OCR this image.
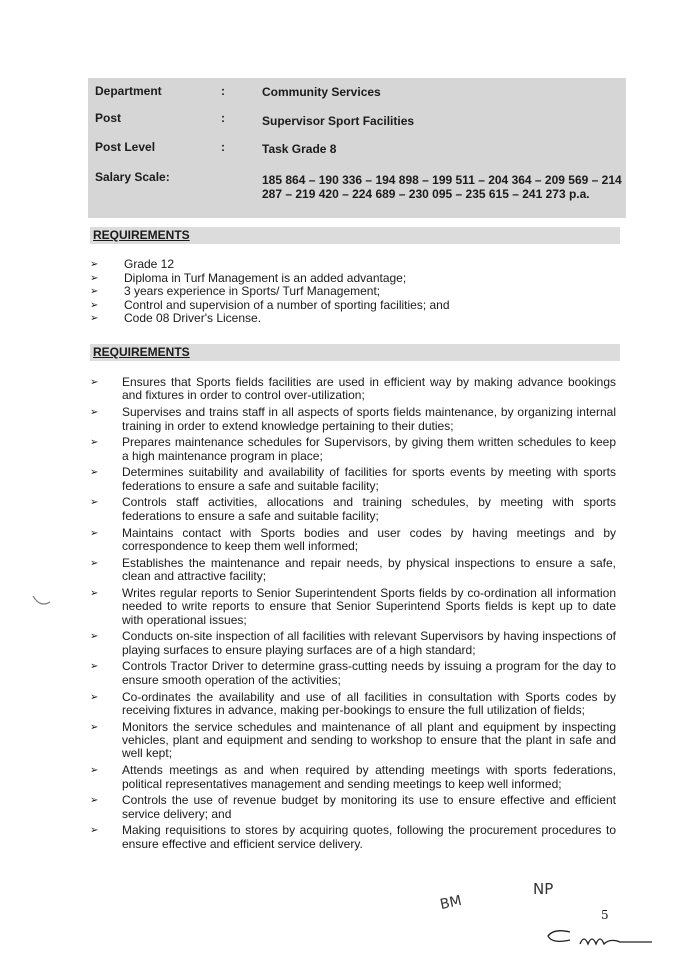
Department	:	Community Services
Post	:	Supervisor Sport Facilities
Post Level	:	Task Grade 8
Salary Scale:	185 864 – 190 336 – 194 898 – 199 511 – 204 364 – 209 569 – 214 287 – 219 420 – 224 689 – 230 095 – 235 615 – 241 273 p.a.
REQUIREMENTS
➢	Grade 12
➢	Diploma in Turf Management is an added advantage;
➢	3 years experience in Sports/ Turf Management;
➢	Control and supervision of a number of sporting facilities; and
➢	Code 08 Driver's License.
REQUIREMENTS
➢	Ensures that Sports fields facilities are used in efficient way by making advance bookings and fixtures in order to control over-utilization;
➢	Supervises and trains staff in all aspects of sports fields maintenance, by organizing internal training in order to extend knowledge pertaining to their duties;
➢	Prepares maintenance schedules for Supervisors, by giving them written schedules to keep a high maintenance program in place;
➢	Determines suitability and availability of facilities for sports events by meeting with sports federations to ensure a safe and suitable facility;
➢	Controls staff activities, allocations and training schedules, by meeting with sports federations to ensure a safe and suitable facility;
➢	Maintains contact with Sports bodies and user codes by having meetings and by correspondence to keep them well informed;
➢	Establishes the maintenance and repair needs, by physical inspections to ensure a safe, clean and attractive facility;
➢	Writes regular reports to Senior Superintendent Sports fields by co-ordination all information needed to write reports to ensure that Senior Superintend Sports fields is kept up to date with operational issues;
➢	Conducts on-site inspection of all facilities with relevant Supervisors by having inspections of playing surfaces to ensure playing surfaces are of a high standard;
➢	Controls Tractor Driver to determine grass-cutting needs by issuing a program for the day to ensure smooth operation of the activities;
➢	Co-ordinates the availability and use of all facilities in consultation with Sports codes by receiving fixtures in advance, making per-bookings to ensure the full utilization of fields;
➢	Monitors the service schedules and maintenance of all plant and equipment by inspecting vehicles, plant and equipment and sending to workshop to ensure that the plant in safe and well kept;
➢	Attends meetings as and when required by attending meetings with sports federations, political representatives management and sending meetings to keep well informed;
➢	Controls the use of revenue budget by monitoring its use to ensure effective and efficient service delivery; and
➢	Making requisitions to stores by acquiring quotes, following the procurement procedures to ensure effective and efficient service delivery.
BM
NP
5
